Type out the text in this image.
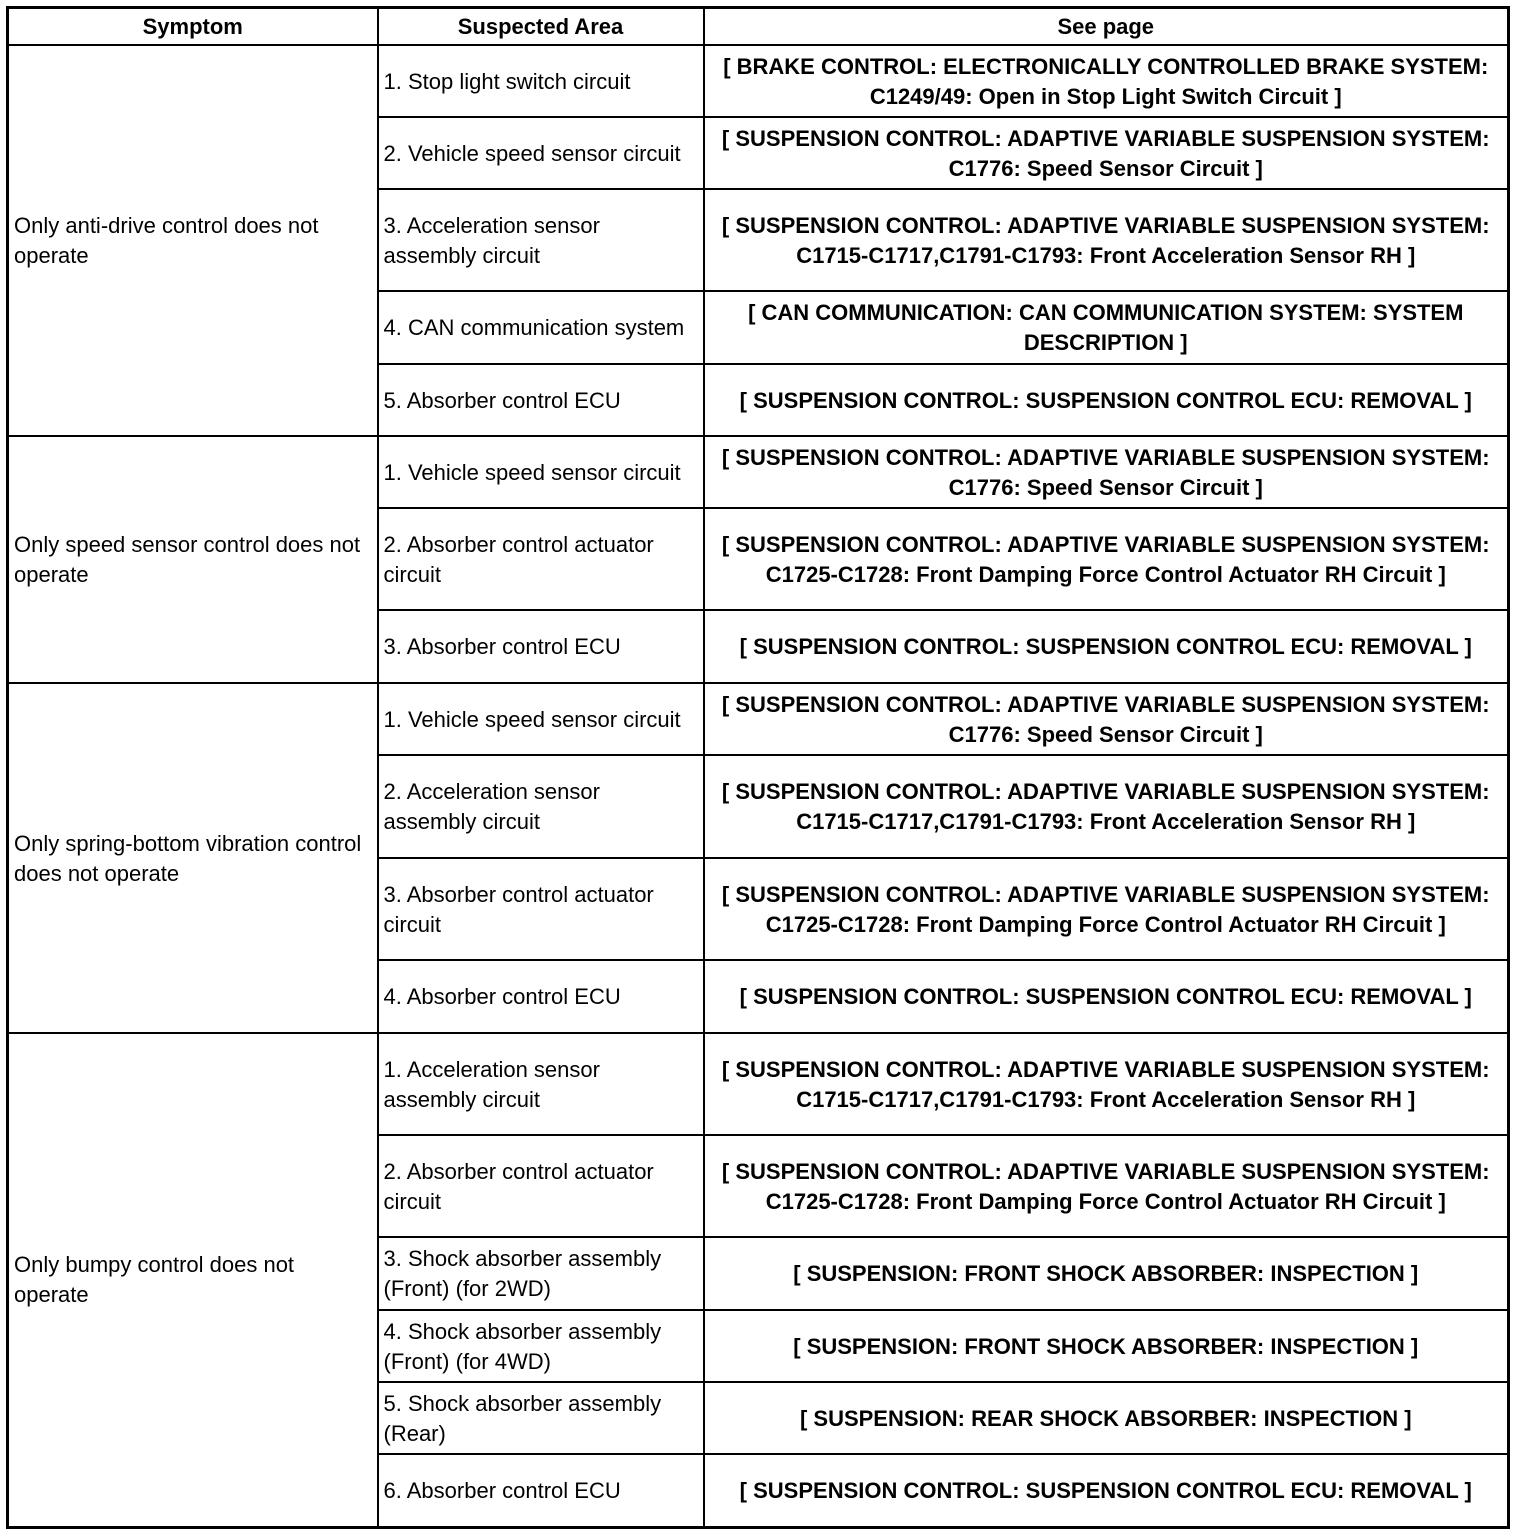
Symptom	Suspected Area	See page
Only anti-drive control does not operate	1. Stop light switch circuit	[ BRAKE CONTROL: ELECTRONICALLY CONTROLLED BRAKE SYSTEM: C1249/49: Open in Stop Light Switch Circuit ]
	2. Vehicle speed sensor circuit	[ SUSPENSION CONTROL: ADAPTIVE VARIABLE SUSPENSION SYSTEM: C1776: Speed Sensor Circuit ]
	3. Acceleration sensor assembly circuit	[ SUSPENSION CONTROL: ADAPTIVE VARIABLE SUSPENSION SYSTEM: C1715-C1717,C1791-C1793: Front Acceleration Sensor RH ]
	4. CAN communication system	[ CAN COMMUNICATION: CAN COMMUNICATION SYSTEM: SYSTEM DESCRIPTION ]
	5. Absorber control ECU	[ SUSPENSION CONTROL: SUSPENSION CONTROL ECU: REMOVAL ]
Only speed sensor control does not operate	1. Vehicle speed sensor circuit	[ SUSPENSION CONTROL: ADAPTIVE VARIABLE SUSPENSION SYSTEM: C1776: Speed Sensor Circuit ]
	2. Absorber control actuator circuit	[ SUSPENSION CONTROL: ADAPTIVE VARIABLE SUSPENSION SYSTEM: C1725-C1728: Front Damping Force Control Actuator RH Circuit ]
	3. Absorber control ECU	[ SUSPENSION CONTROL: SUSPENSION CONTROL ECU: REMOVAL ]
Only spring-bottom vibration control does not operate	1. Vehicle speed sensor circuit	[ SUSPENSION CONTROL: ADAPTIVE VARIABLE SUSPENSION SYSTEM: C1776: Speed Sensor Circuit ]
	2. Acceleration sensor assembly circuit	[ SUSPENSION CONTROL: ADAPTIVE VARIABLE SUSPENSION SYSTEM: C1715-C1717,C1791-C1793: Front Acceleration Sensor RH ]
	3. Absorber control actuator circuit	[ SUSPENSION CONTROL: ADAPTIVE VARIABLE SUSPENSION SYSTEM: C1725-C1728: Front Damping Force Control Actuator RH Circuit ]
	4. Absorber control ECU	[ SUSPENSION CONTROL: SUSPENSION CONTROL ECU: REMOVAL ]
Only bumpy control does not operate	1. Acceleration sensor assembly circuit	[ SUSPENSION CONTROL: ADAPTIVE VARIABLE SUSPENSION SYSTEM: C1715-C1717,C1791-C1793: Front Acceleration Sensor RH ]
	2. Absorber control actuator circuit	[ SUSPENSION CONTROL: ADAPTIVE VARIABLE SUSPENSION SYSTEM: C1725-C1728: Front Damping Force Control Actuator RH Circuit ]
	3. Shock absorber assembly (Front) (for 2WD)	[ SUSPENSION: FRONT SHOCK ABSORBER: INSPECTION ]
	4. Shock absorber assembly (Front) (for 4WD)	[ SUSPENSION: FRONT SHOCK ABSORBER: INSPECTION ]
	5. Shock absorber assembly (Rear)	[ SUSPENSION: REAR SHOCK ABSORBER: INSPECTION ]
	6. Absorber control ECU	[ SUSPENSION CONTROL: SUSPENSION CONTROL ECU: REMOVAL ]
